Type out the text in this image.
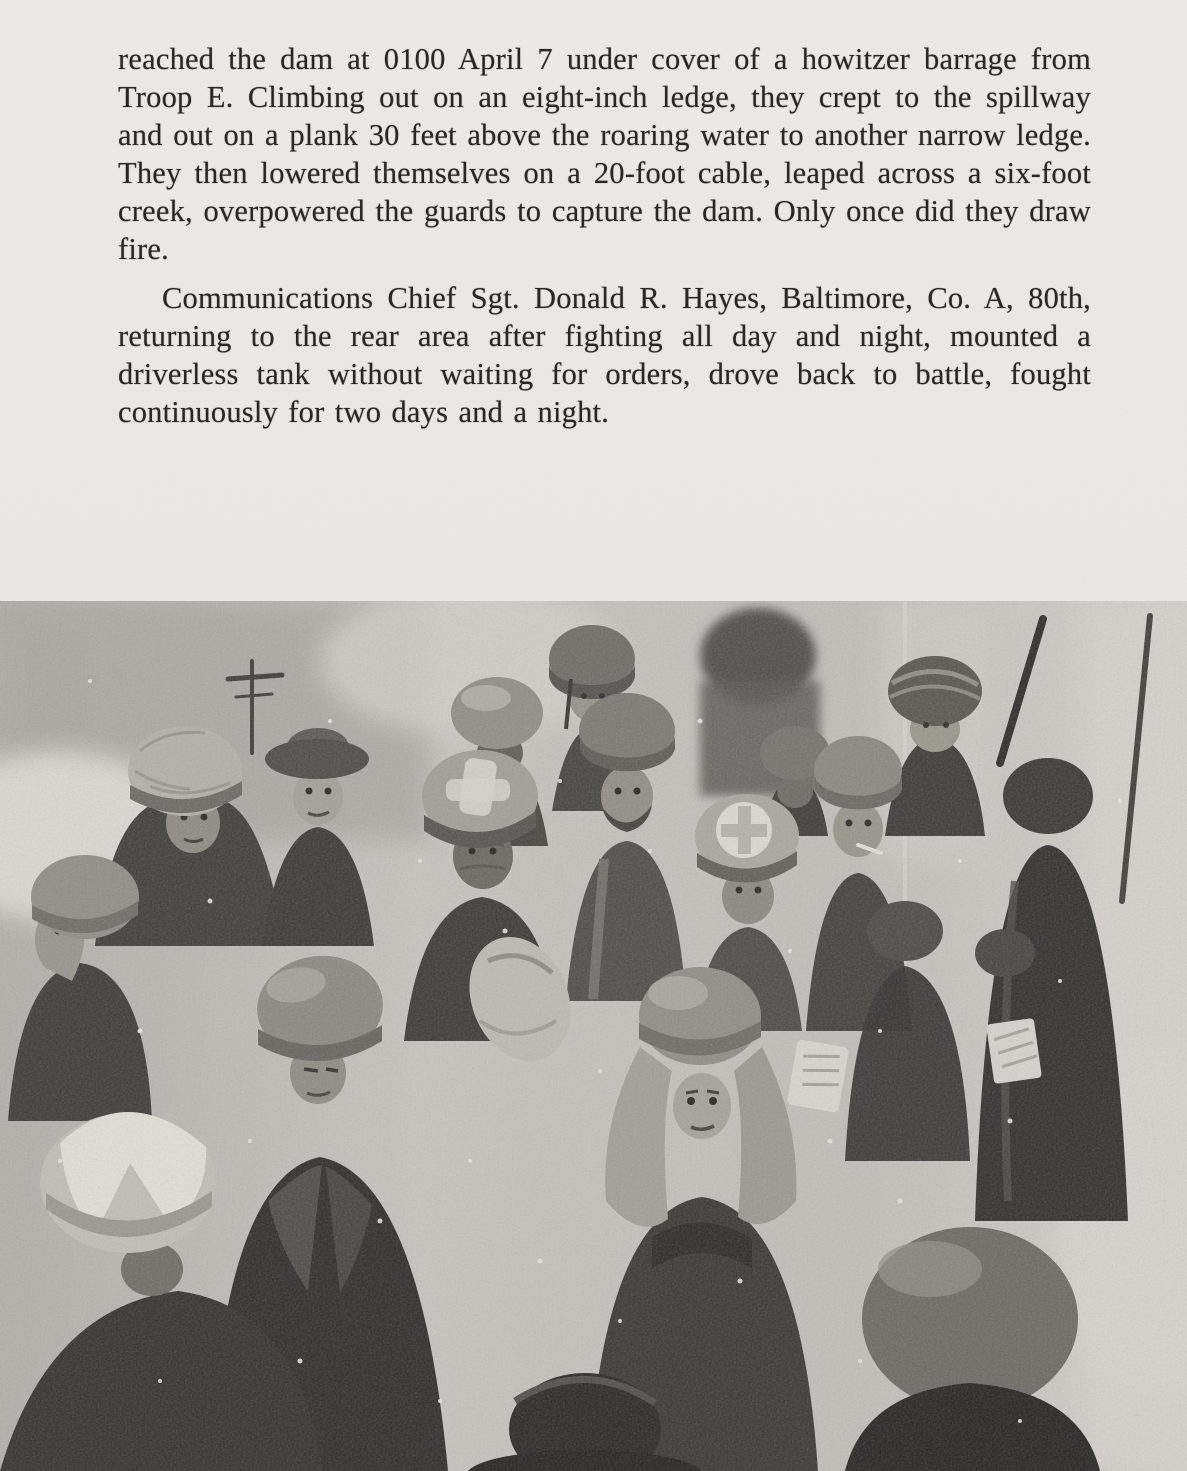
reached the dam at 0100 April 7 under cover of a howitzer barrage from Troop E. Climbing out on an eight-inch ledge, they crept to the spillway and out on a plank 30 feet above the roaring water to another narrow ledge. They then lowered themselves on a 20-foot cable, leaped across a six-foot creek, overpowered the guards to capture the dam. Only once did they draw fire.

Communications Chief Sgt. Donald R. Hayes, Baltimore, Co. A, 80th, returning to the rear area after fighting all day and night, mounted a driverless tank without waiting for orders, drove back to battle, fought continuously for two days and a night.
